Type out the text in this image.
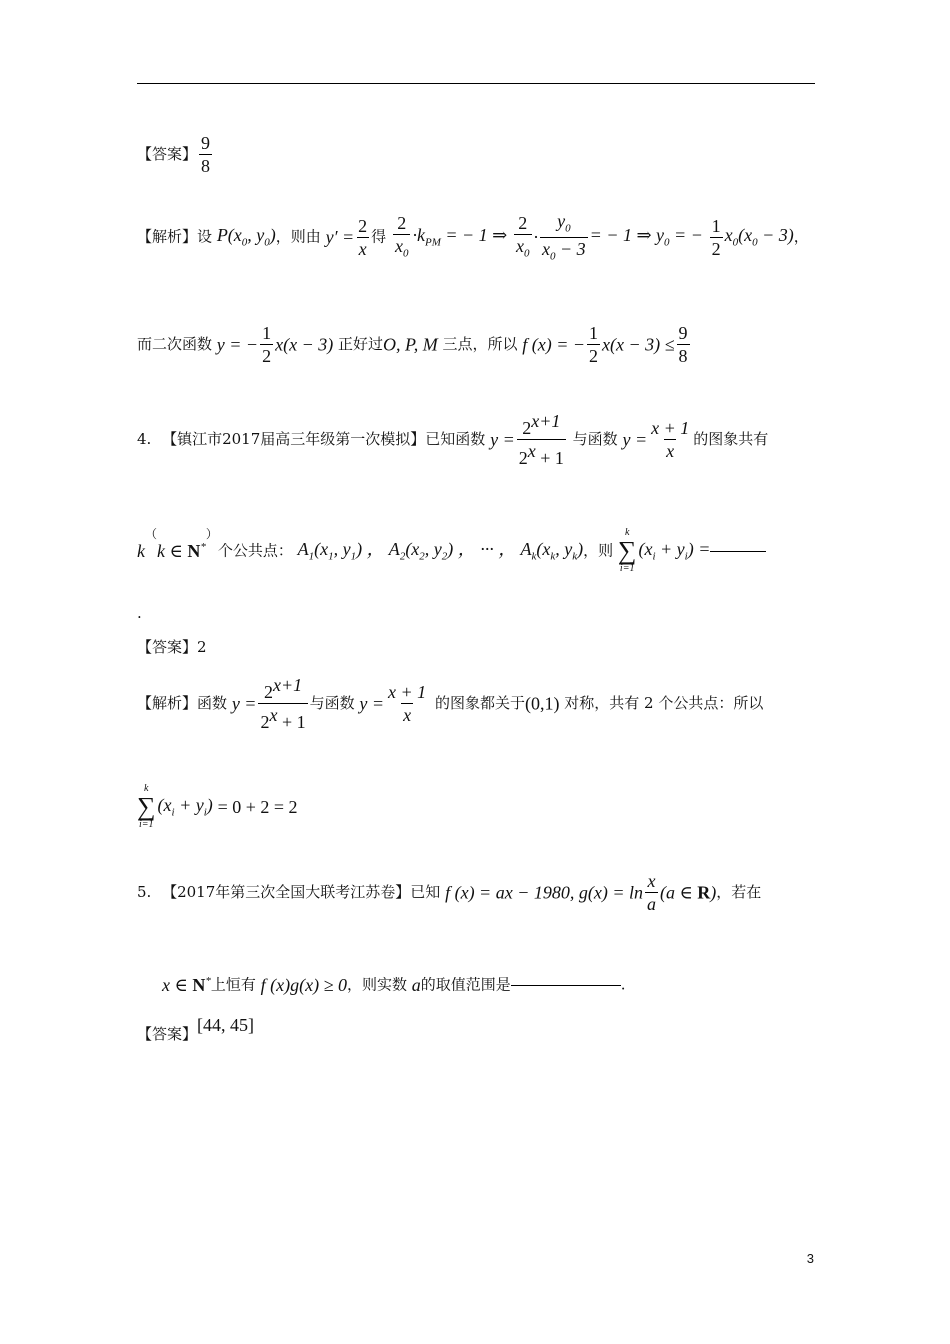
【答案】 $\frac{9}{8}$
【解析】设 $P(x_0$, $y_0$)，则由 $y' = \frac{2}{x}$ 得 $\frac{2}{x_0} \cdot k_{PM}$ = − 1 ⇒ $\frac{2}{x_0} \cdot \frac{y_0}{x_0 - 3}$ = − 1 ⇒ $y_0$ = − $\frac{1}{2} x_0(x_0 - 3)$，
而二次函数 y = − $\frac{1}{2} x(x - 3)$ 正好过O, P, M 三点，所以 f (x) = − $\frac{1}{2} x(x - 3) \le \frac{9}{8}$
4. 【镇江市2017届高三年级第一次模拟】已知函数 $y = \frac{2^{x+1}}{2^x + 1}$ 与函数 $y = \frac{x + 1}{x}$ 的图象共有
k（k ∈ N*）个公共点： $A_1(x_1$, $y_1$) ， $A_2(x_2$, $y_2$) ， ··· ， $A_k(x_k$, $y_k$)，则
k
∑
i=1
$(x_i + y_i)$ =
.
【答案】2
【解析】函数 $y = \frac{2^{x+1}}{2^x + 1}$ 与函数 $y = \frac{x + 1}{x}$ 的图象都关于(0,1) 对称，共有 2 个公共点：所以
k
∑
i=1
$(x_i + y_i) = 0 + 2 = 2$
5. 【2017年第三次全国大联考江苏卷】已知 f (x) = ax − 1980, $g(x) = \ln \frac{x}{a} (a$ ∈ R)，若在
x ∈ N*上恒有 f (x)g(x) ≥ 0，则实数 a的取值范围是	.
【答案】[44, 45]
3
